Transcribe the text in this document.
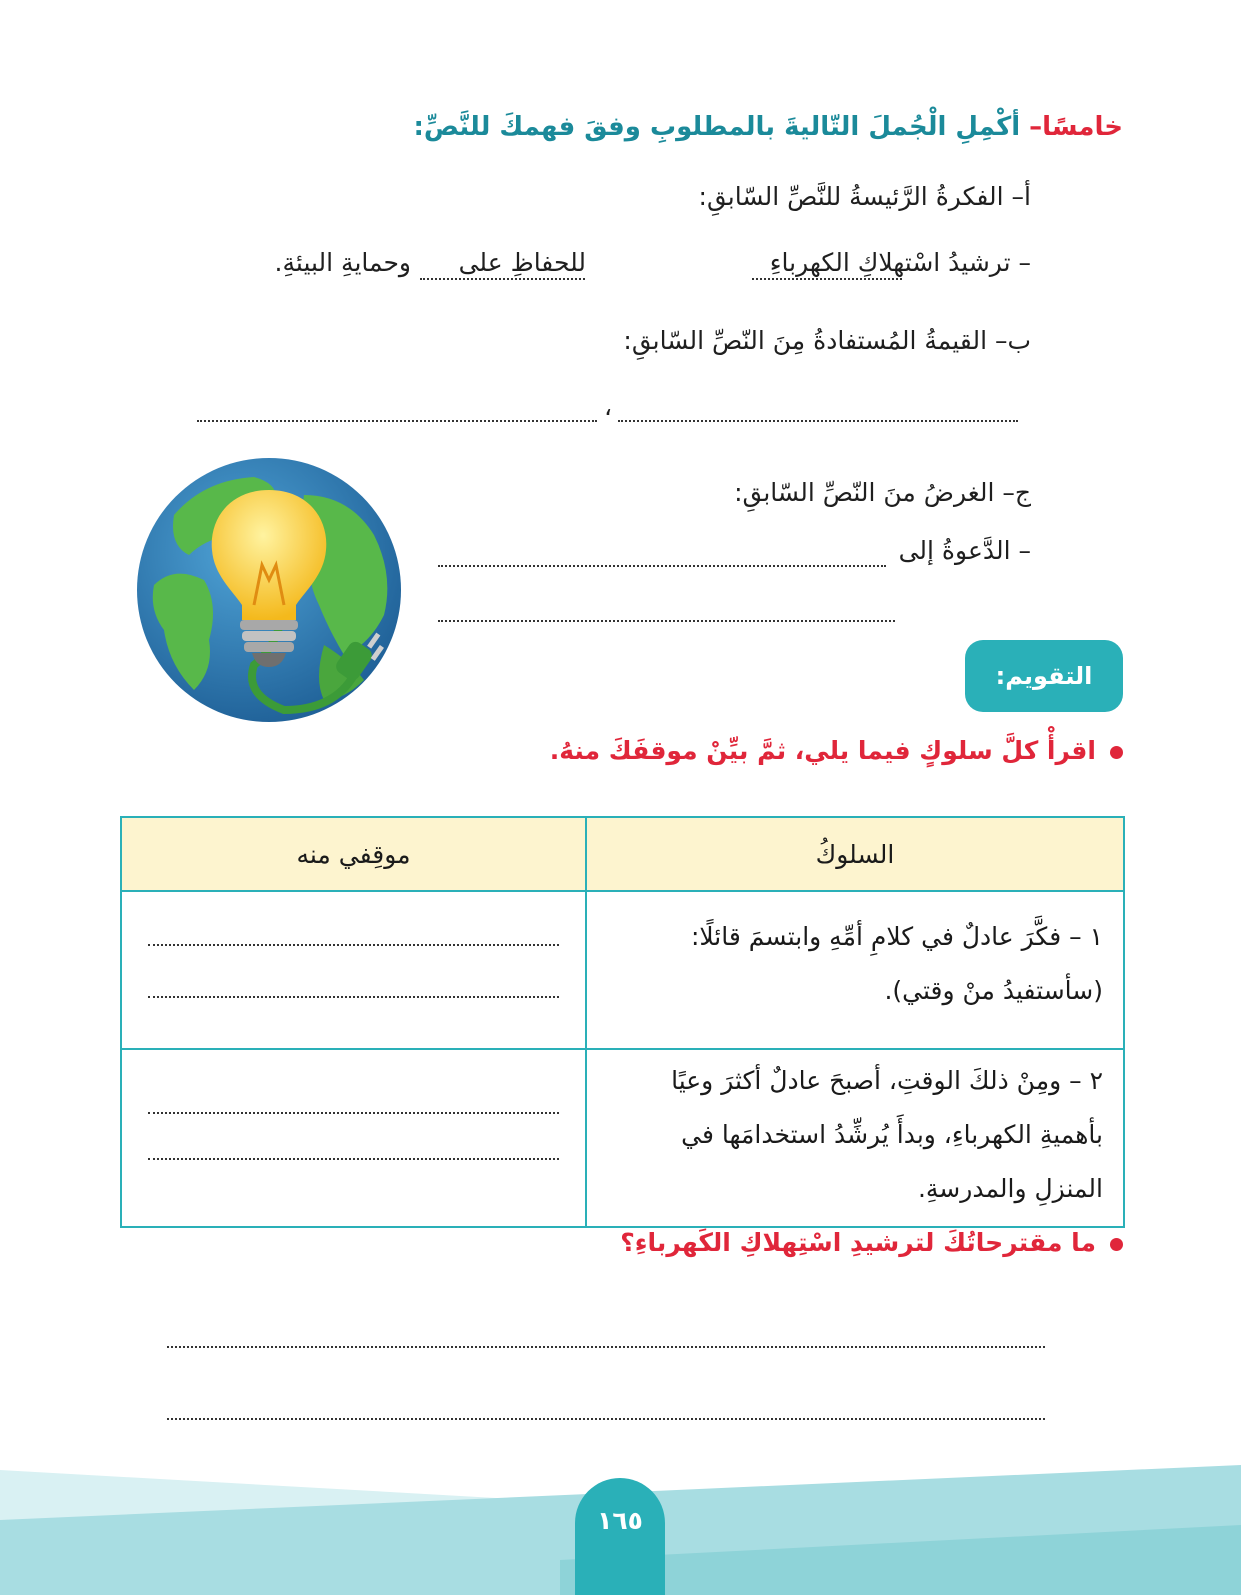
خامسًا– أكْمِلِ الْجُملَ التّاليةَ بالمطلوبِ وفقَ فهمكَ للنَّصِّ:
أ– الفكرةُ الرَّئيسةُ للنَّصِّ السّابقِ:
– ترشيدُ اسْتهلاكِ الكهرباءِ
للحفاظِ على
وحمايةِ البيئةِ.
ب– القيمةُ المُستفادةُ مِنَ النّصِّ السّابقِ:
،
ج– الغرضُ منَ النّصِّ السّابقِ:
– الدَّعوةُ إلى
التقويم:
اقرأْ كلَّ سلوكٍ فيما يلي، ثمَّ بيِّنْ موقفَكَ منهُ.
السلوكُ	موقِفي منه

١ – فكَّرَ عادلٌ في كلامِ أمِّهِ وابتسمَ قائلًا:
(سأستفيدُ منْ وقتي).	

٢ – ومِنْ ذلكَ الوقتِ، أصبحَ عادلٌ أكثرَ وعيًا
بأهميةِ الكهرباءِ، وبدأَ يُرشِّدُ استخدامَها في
المنزلِ والمدرسةِ.	

ما مقترحاتُكَ لترشيدِ اسْتِهلاكِ الكَهرباءِ؟
١٦٥
